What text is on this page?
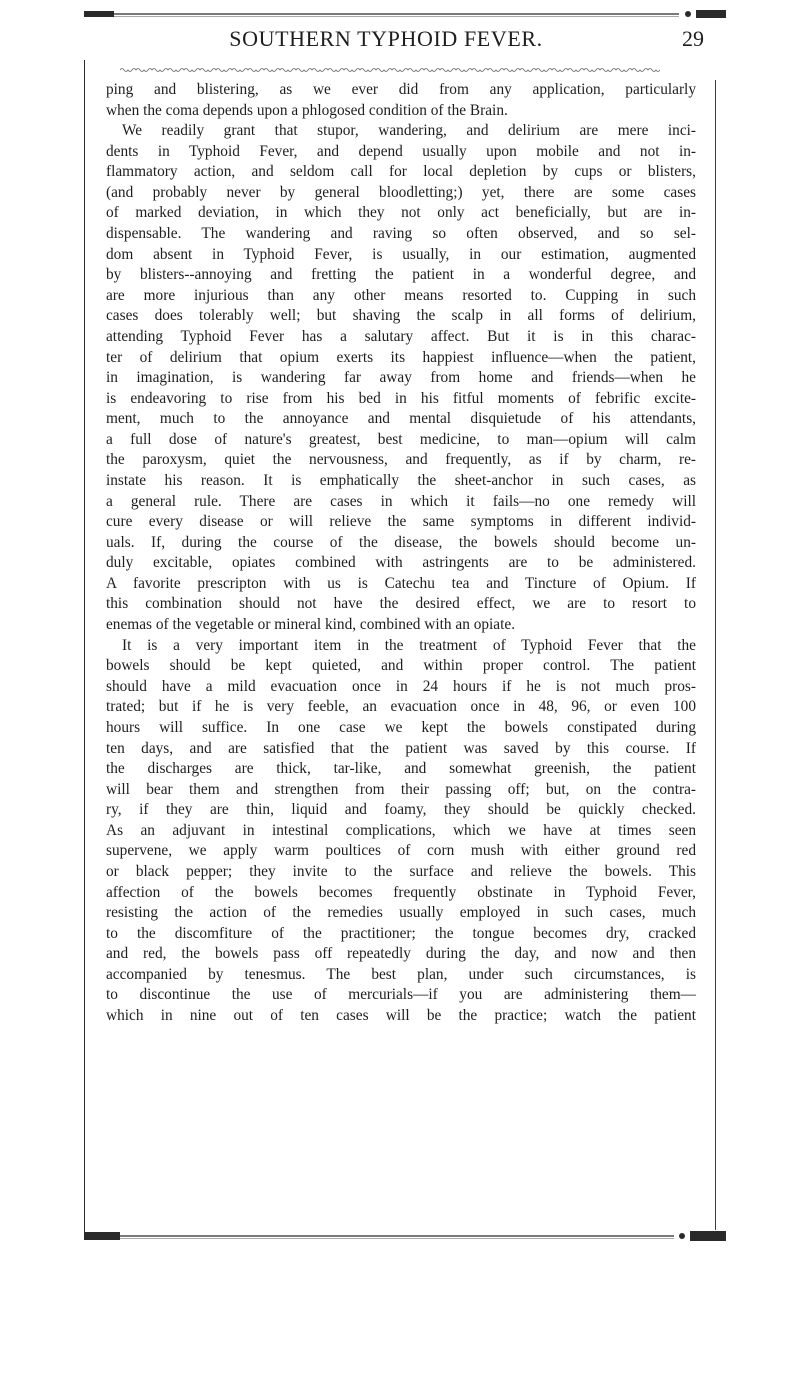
SOUTHERN TYPHOID FEVER.	29
ping and blistering, as we ever did from any application, particularly
when the coma depends upon a phlogosed condition of the Brain.
We readily grant that stupor, wandering, and delirium are mere inci-
dents in Typhoid Fever, and depend usually upon mobile and not in-
flammatory action, and seldom call for local depletion by cups or blisters,
(and probably never by general bloodletting;) yet, there are some cases
of marked deviation, in which they not only act beneficially, but are in-
dispensable. The wandering and raving so often observed, and so sel-
dom absent in Typhoid Fever, is usually, in our estimation, augmented
by blisters--annoying and fretting the patient in a wonderful degree, and
are more injurious than any other means resorted to. Cupping in such
cases does tolerably well; but shaving the scalp in all forms of delirium,
attending Typhoid Fever has a salutary affect. But it is in this charac-
ter of delirium that opium exerts its happiest influence—when the patient,
in imagination, is wandering far away from home and friends—when he
is endeavoring to rise from his bed in his fitful moments of febrific excite-
ment, much to the annoyance and mental disquietude of his attendants,
a full dose of nature's greatest, best medicine, to man—opium will calm
the paroxysm, quiet the nervousness, and frequently, as if by charm, re-
instate his reason. It is emphatically the sheet-anchor in such cases, as
a general rule. There are cases in which it fails—no one remedy will
cure every disease or will relieve the same symptoms in different individ-
uals. If, during the course of the disease, the bowels should become un-
duly excitable, opiates combined with astringents are to be administered.
A favorite prescripton with us is Catechu tea and Tincture of Opium. If
this combination should not have the desired effect, we are to resort to
enemas of the vegetable or mineral kind, combined with an opiate.
It is a very important item in the treatment of Typhoid Fever that the
bowels should be kept quieted, and within proper control. The patient
should have a mild evacuation once in 24 hours if he is not much pros-
trated; but if he is very feeble, an evacuation once in 48, 96, or even 100
hours will suffice. In one case we kept the bowels constipated during
ten days, and are satisfied that the patient was saved by this course. If
the discharges are thick, tar-like, and somewhat greenish, the patient
will bear them and strengthen from their passing off; but, on the contra-
ry, if they are thin, liquid and foamy, they should be quickly checked.
As an adjuvant in intestinal complications, which we have at times seen
supervene, we apply warm poultices of corn mush with either ground red
or black pepper; they invite to the surface and relieve the bowels. This
affection of the bowels becomes frequently obstinate in Typhoid Fever,
resisting the action of the remedies usually employed in such cases, much
to the discomfiture of the practitioner; the tongue becomes dry, cracked
and red, the bowels pass off repeatedly during the day, and now and then
accompanied by tenesmus. The best plan, under such circumstances, is
to discontinue the use of mercurials—if you are administering them—
which in nine out of ten cases will be the practice; watch the patient
